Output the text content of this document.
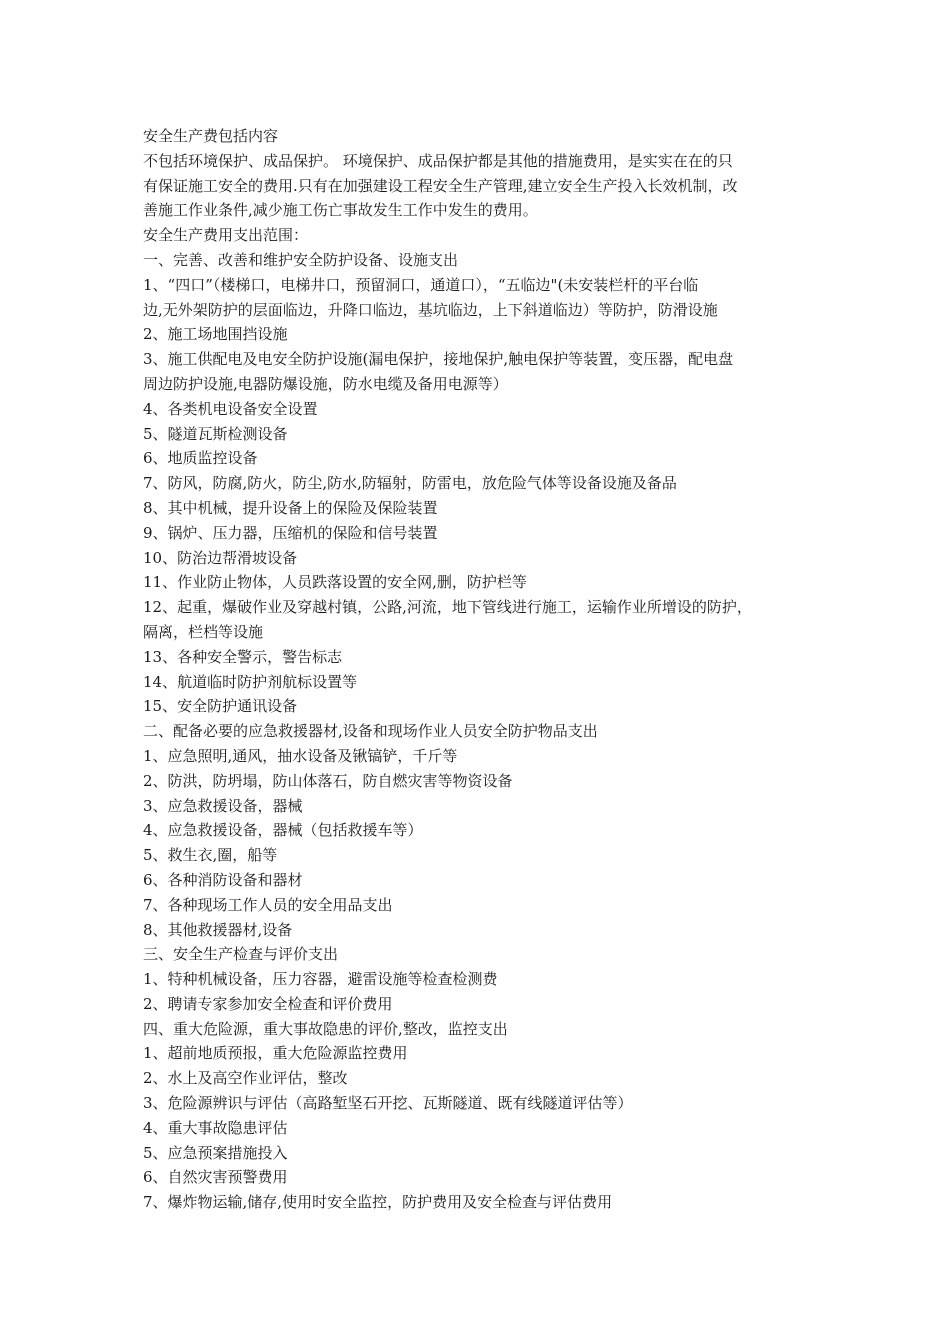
安全生产费包括内容
不包括环境保护、成品保护。 环境保护、成品保护都是其他的措施费用，是实实在在的只
有保证施工安全的费用.只有在加强建设工程安全生产管理,建立安全生产投入长效机制，改
善施工作业条件,减少施工伤亡事故发生工作中发生的费用。
安全生产费用支出范围：
一、完善、改善和维护安全防护设备、设施支出
1、“四口”（楼梯口，电梯井口，预留洞口，通道口），“五临边"(未安装栏杆的平台临
边,无外架防护的层面临边，升降口临边，基坑临边，上下斜道临边）等防护，防滑设施
2、施工场地围挡设施
3、施工供配电及电安全防护设施(漏电保护，接地保护,触电保护等装置，变压器，配电盘
周边防护设施,电器防爆设施，防水电缆及备用电源等）
4、各类机电设备安全设置
5、隧道瓦斯检测设备
6、地质监控设备
7、防风，防腐,防火，防尘,防水,防辐射，防雷电，放危险气体等设备设施及备品
8、其中机械，提升设备上的保险及保险装置
9、锅炉、压力器，压缩机的保险和信号装置
10、防治边帮滑坡设备
11、作业防止物体，人员跌落设置的安全网,删，防护栏等
12、起重，爆破作业及穿越村镇，公路,河流，地下管线进行施工，运输作业所增设的防护，
隔离，栏档等设施
13、各种安全警示，警告标志
14、航道临时防护剂航标设置等
15、安全防护通讯设备
二、配备必要的应急救援器材,设备和现场作业人员安全防护物品支出
1、应急照明,通风，抽水设备及锹镐铲，千斤等
2、防洪，防坍塌，防山体落石，防自燃灾害等物资设备
3、应急救援设备，器械
4、应急救援设备，器械（包括救援车等）
5、救生衣,圈，船等
6、各种消防设备和器材
7、各种现场工作人员的安全用品支出
8、其他救援器材,设备
三、安全生产检查与评价支出
1、特种机械设备，压力容器，避雷设施等检查检测费
2、聘请专家参加安全检查和评价费用
四、重大危险源，重大事故隐患的评价,整改，监控支出
1、超前地质预报，重大危险源监控费用
2、水上及高空作业评估，整改
3、危险源辨识与评估（高路堑坚石开挖、瓦斯隧道、既有线隧道评估等）
4、重大事故隐患评估
5、应急预案措施投入
6、自然灾害预警费用
7、爆炸物运输,储存,使用时安全监控，防护费用及安全检查与评估费用
